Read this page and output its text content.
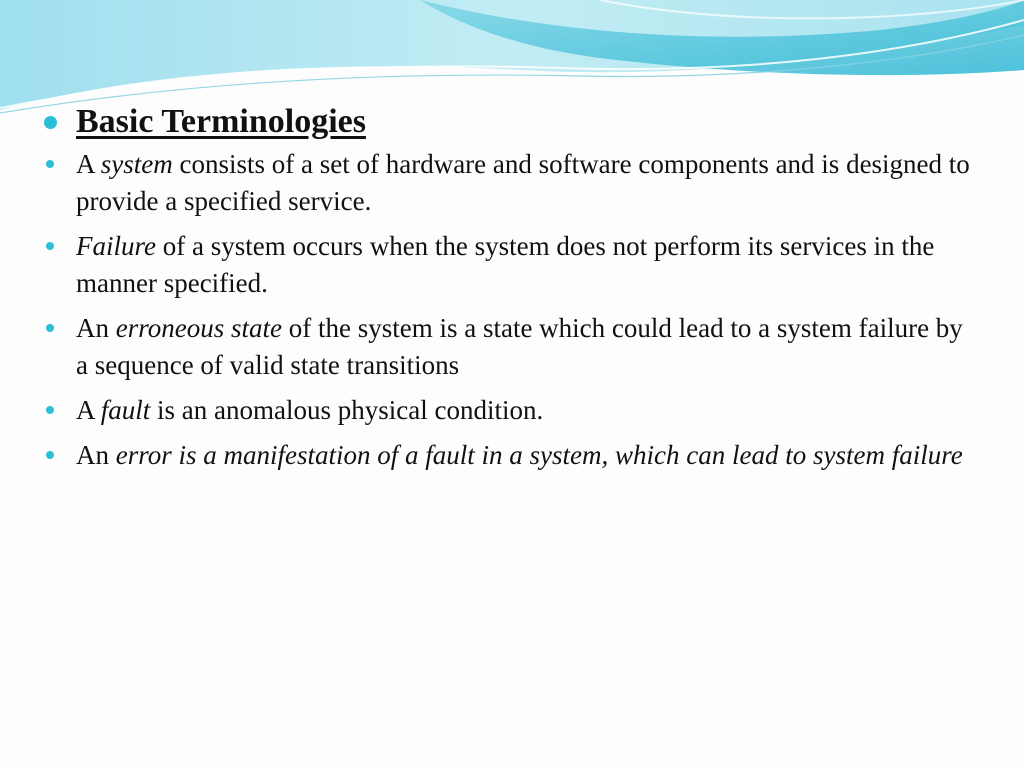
Basic Terminologies
A system consists of a set of hardware and software components and is designed to provide a specified service.
Failure of a system occurs when the system does not perform its services in the manner specified.
An erroneous state of the system is a state which could lead to a system failure by a sequence of valid state transitions
A fault is an anomalous physical condition.
An error is a manifestation of a fault in a system, which can lead to system failure
